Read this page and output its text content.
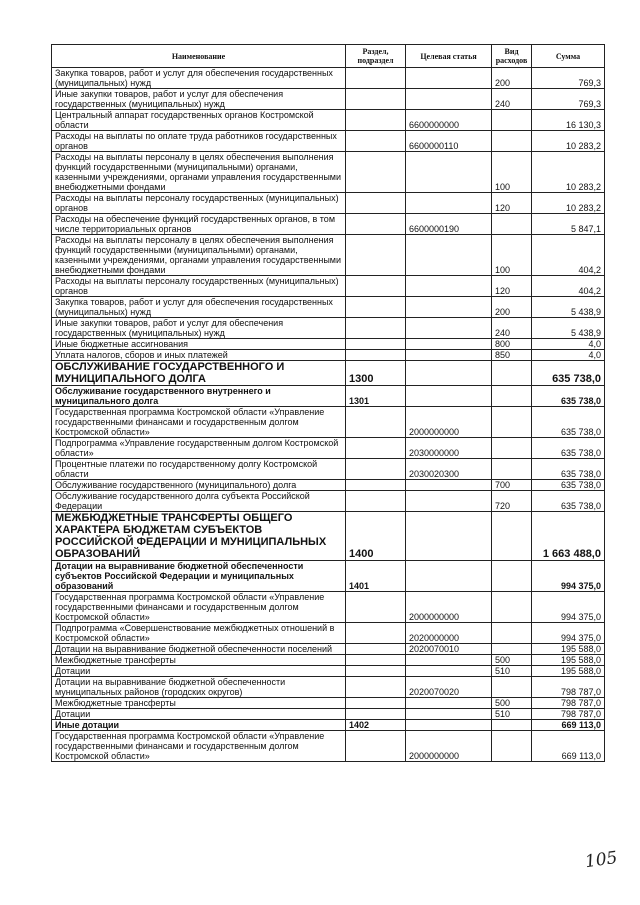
Наименование	Раздел, подраздел	Целевая статья	Вид расходов	Сумма
Закупка товаров, работ и услуг для обеспечения государственных (муниципальных) нужд			200	769,3
Иные закупки товаров, работ и услуг для обеспечения государственных (муниципальных) нужд			240	769,3
Центральный аппарат государственных органов Костромской области		6600000000		16 130,3
Расходы на выплаты по оплате труда работников государственных органов		6600000110		10 283,2
Расходы на выплаты персоналу в целях обеспечения выполнения функций государственными (муниципальными) органами, казенными учреждениями, органами управления государственными внебюджетными фондами			100	10 283,2
Расходы на выплаты персоналу государственных (муниципальных) органов			120	10 283,2
Расходы на обеспечение функций государственных органов, в том числе территориальных органов		6600000190		5 847,1
Расходы на выплаты персоналу в целях обеспечения выполнения функций государственными (муниципальными) органами, казенными учреждениями, органами управления государственными внебюджетными фондами			100	404,2
Расходы на выплаты персоналу государственных (муниципальных) органов			120	404,2
Закупка товаров, работ и услуг для обеспечения государственных (муниципальных) нужд			200	5 438,9
Иные закупки товаров, работ и услуг для обеспечения государственных (муниципальных) нужд			240	5 438,9
Иные бюджетные ассигнования			800	4,0
Уплата налогов, сборов и иных платежей			850	4,0
ОБСЛУЖИВАНИЕ ГОСУДАРСТВЕННОГО И МУНИЦИПАЛЬНОГО ДОЛГА	1300			635 738,0
Обслуживание государственного внутреннего и муниципального долга	1301			635 738,0
Государственная программа Костромской области «Управление государственными финансами и государственным долгом Костромской области»		2000000000		635 738,0
Подпрограмма «Управление государственным долгом Костромской области»		2030000000		635 738,0
Процентные платежи по государственному долгу Костромской области		2030020300		635 738,0
Обслуживание государственного (муниципального) долга			700	635 738,0
Обслуживание государственного долга субъекта Российской Федерации			720	635 738,0
МЕЖБЮДЖЕТНЫЕ ТРАНСФЕРТЫ ОБЩЕГО ХАРАКТЕРА БЮДЖЕТАМ СУБЪЕКТОВ РОССИЙСКОЙ ФЕДЕРАЦИИ И МУНИЦИПАЛЬНЫХ ОБРАЗОВАНИЙ	1400			1 663 488,0
Дотации на выравнивание бюджетной обеспеченности субъектов Российской Федерации и муниципальных образований	1401			994 375,0
Государственная программа Костромской области «Управление государственными финансами и государственным долгом Костромской области»		2000000000		994 375,0
Подпрограмма «Совершенствование межбюджетных отношений в Костромской области»		2020000000		994 375,0
Дотации на выравнивание бюджетной обеспеченности поселений		2020070010		195 588,0
Межбюджетные трансферты			500	195 588,0
Дотации			510	195 588,0
Дотации на выравнивание бюджетной обеспеченности муниципальных районов (городских округов)		2020070020		798 787,0
Межбюджетные трансферты			500	798 787,0
Дотации			510	798 787,0
Иные дотации	1402			669 113,0
Государственная программа Костромской области «Управление государственными финансами и государственным долгом Костромской области»		2000000000		669 113,0
105
